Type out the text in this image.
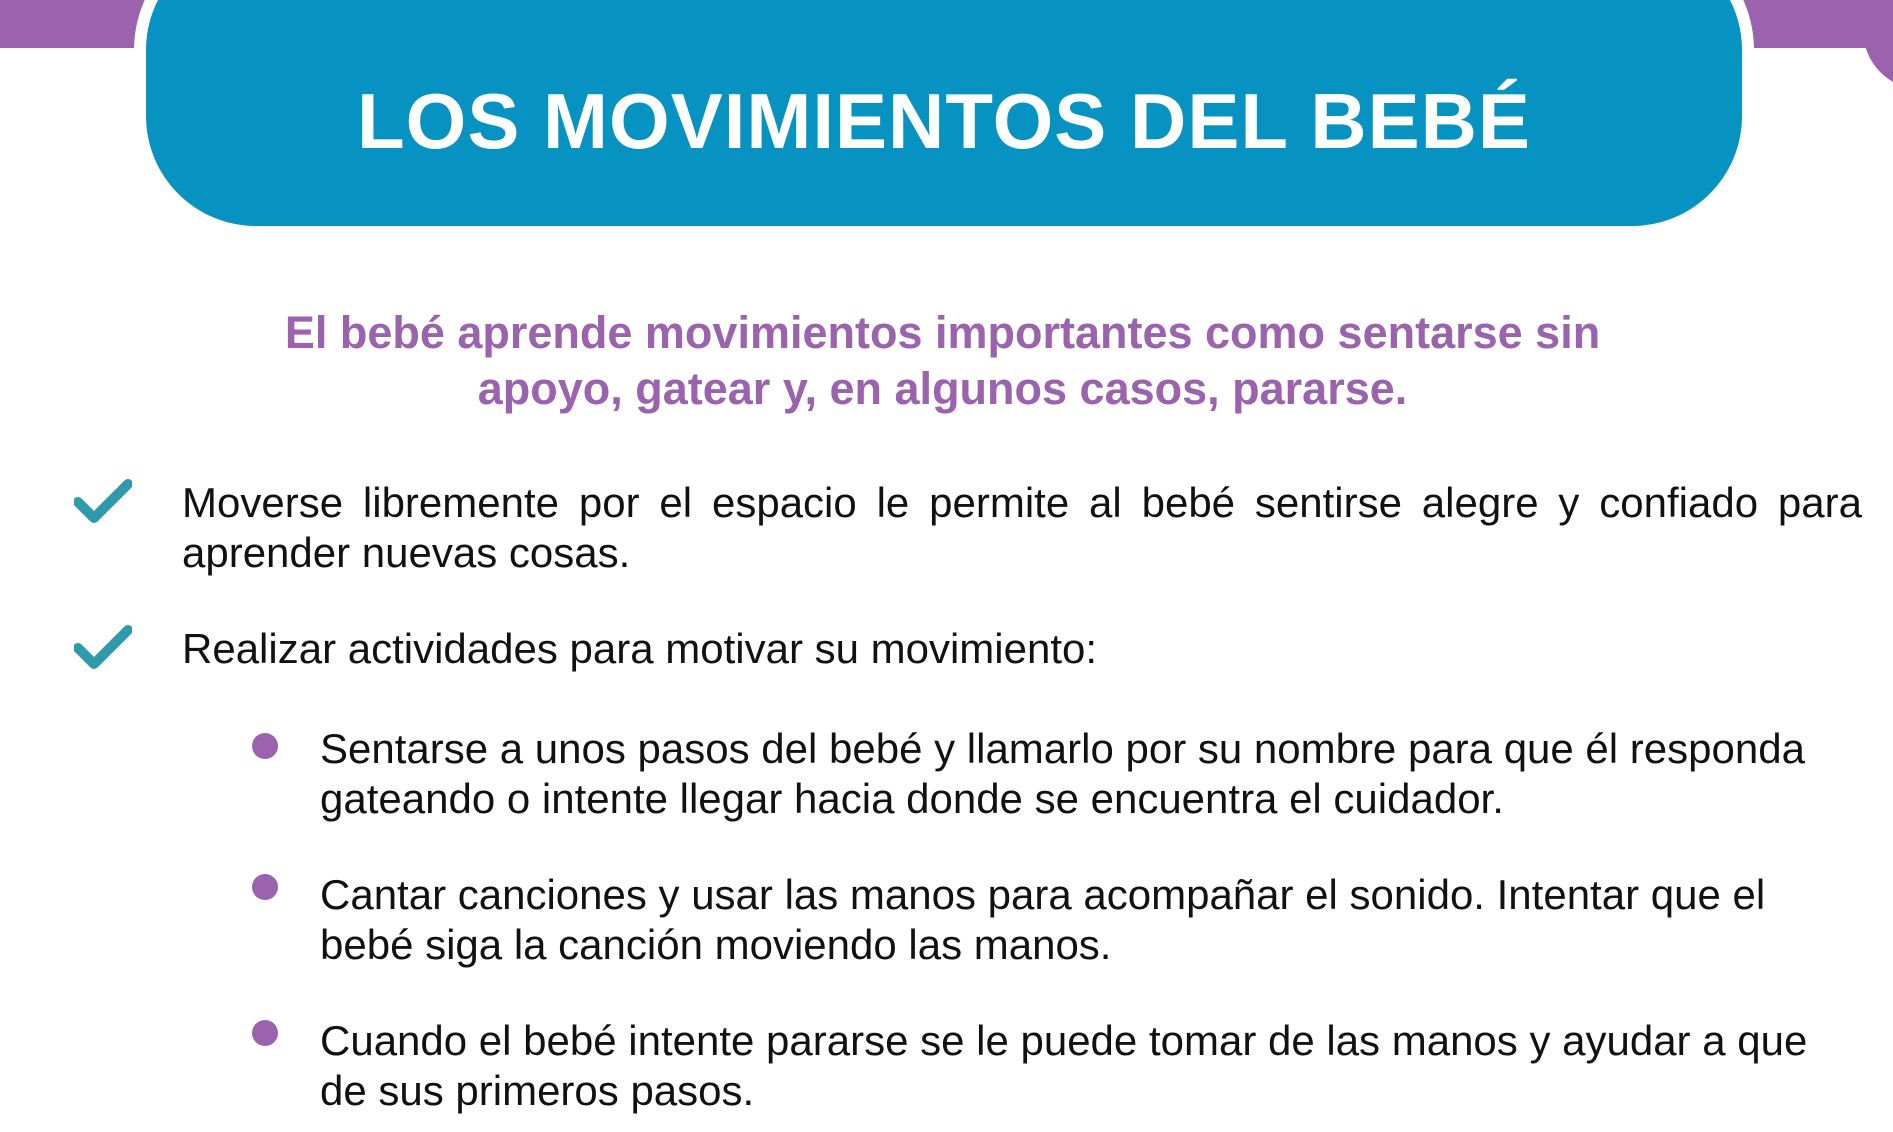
LOS MOVIMIENTOS DEL BEBÉ
El bebé aprende movimientos importantes como sentarse sin
apoyo, gatear y, en algunos casos, pararse.
Moverse libremente por el espacio le permite al bebé sentirse alegre y confiado para
aprender nuevas cosas.
Realizar actividades para motivar su movimiento:
Sentarse a unos pasos del bebé y llamarlo por su nombre para que él responda
gateando o intente llegar hacia donde se encuentra el cuidador.
Cantar canciones y usar las manos para acompañar el sonido. Intentar que el
bebé siga la canción moviendo las manos.
Cuando el bebé intente pararse se le puede tomar de las manos y ayudar a que
de sus primeros pasos.
